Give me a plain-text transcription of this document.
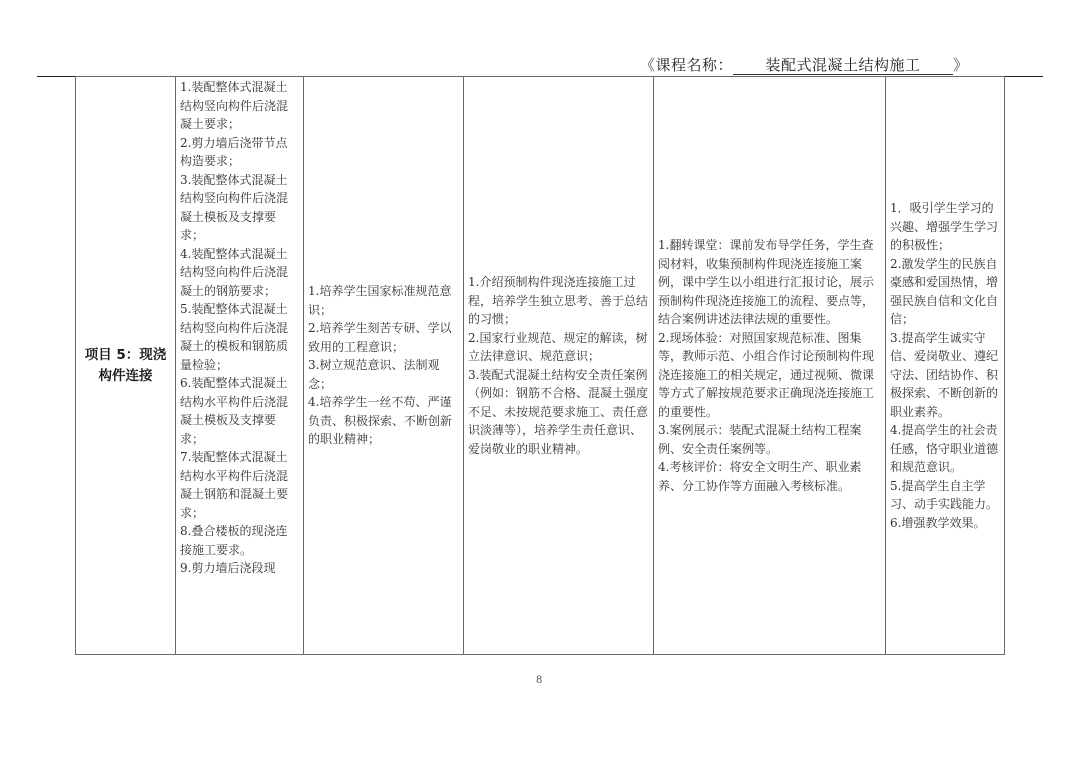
《课程名称： 装配式混凝土结构施工 》
项目 5：现浇构件连接	
1.装配整体式混凝土结构竖向构件后浇混凝土要求；
2.剪力墙后浇带节点构造要求；
3.装配整体式混凝土结构竖向构件后浇混凝土模板及支撑要求；
4.装配整体式混凝土结构竖向构件后浇混凝土的钢筋要求；
5.装配整体式混凝土结构竖向构件后浇混凝土的模板和钢筋质量检验；
6.装配整体式混凝土结构水平构件后浇混凝土模板及支撑要求；
7.装配整体式混凝土结构水平构件后浇混凝土钢筋和混凝土要求；
8.叠合楼板的现浇连接施工要求。
9.剪力墙后浇段现

1.培养学生国家标准规范意识；
2.培养学生刻苦专研、学以致用的工程意识；
3.树立规范意识、法制观念；
4.培养学生一丝不苟、严谨负责、积极探索、不断创新的职业精神；

1.介绍预制构件现浇连接施工过程，培养学生独立思考、善于总结的习惯；
2.国家行业规范、规定的解读，树立法律意识、规范意识；
3.装配式混凝土结构安全责任案例（例如：钢筋不合格、混凝土强度不足、未按规范要求施工、责任意识淡薄等），培养学生责任意识、爱岗敬业的职业精神。

1.翻转课堂：课前发布导学任务，学生查阅材料，收集预制构件现浇连接施工案例，课中学生以小组进行汇报讨论，展示预制构件现浇连接施工的流程、要点等，结合案例讲述法律法规的重要性。
2.现场体验：对照国家规范标准、图集等，教师示范、小组合作讨论预制构件现浇连接施工的相关规定，通过视频、微课等方式了解按规范要求正确现浇连接施工的重要性。
3.案例展示：装配式混凝土结构工程案例、安全责任案例等。
4.考核评价：将安全文明生产、职业素养、分工协作等方面融入考核标准。

1．吸引学生学习的兴趣、增强学生学习的积极性；
2.激发学生的民族自豪感和爱国热情，增强民族自信和文化自信；
3.提高学生诚实守信、爱岗敬业、遵纪守法、团结协作、积极探索、不断创新的职业素养。
4.提高学生的社会责任感，恪守职业道德和规范意识。
5.提高学生自主学习、动手实践能力。
6.增强教学效果。
8
